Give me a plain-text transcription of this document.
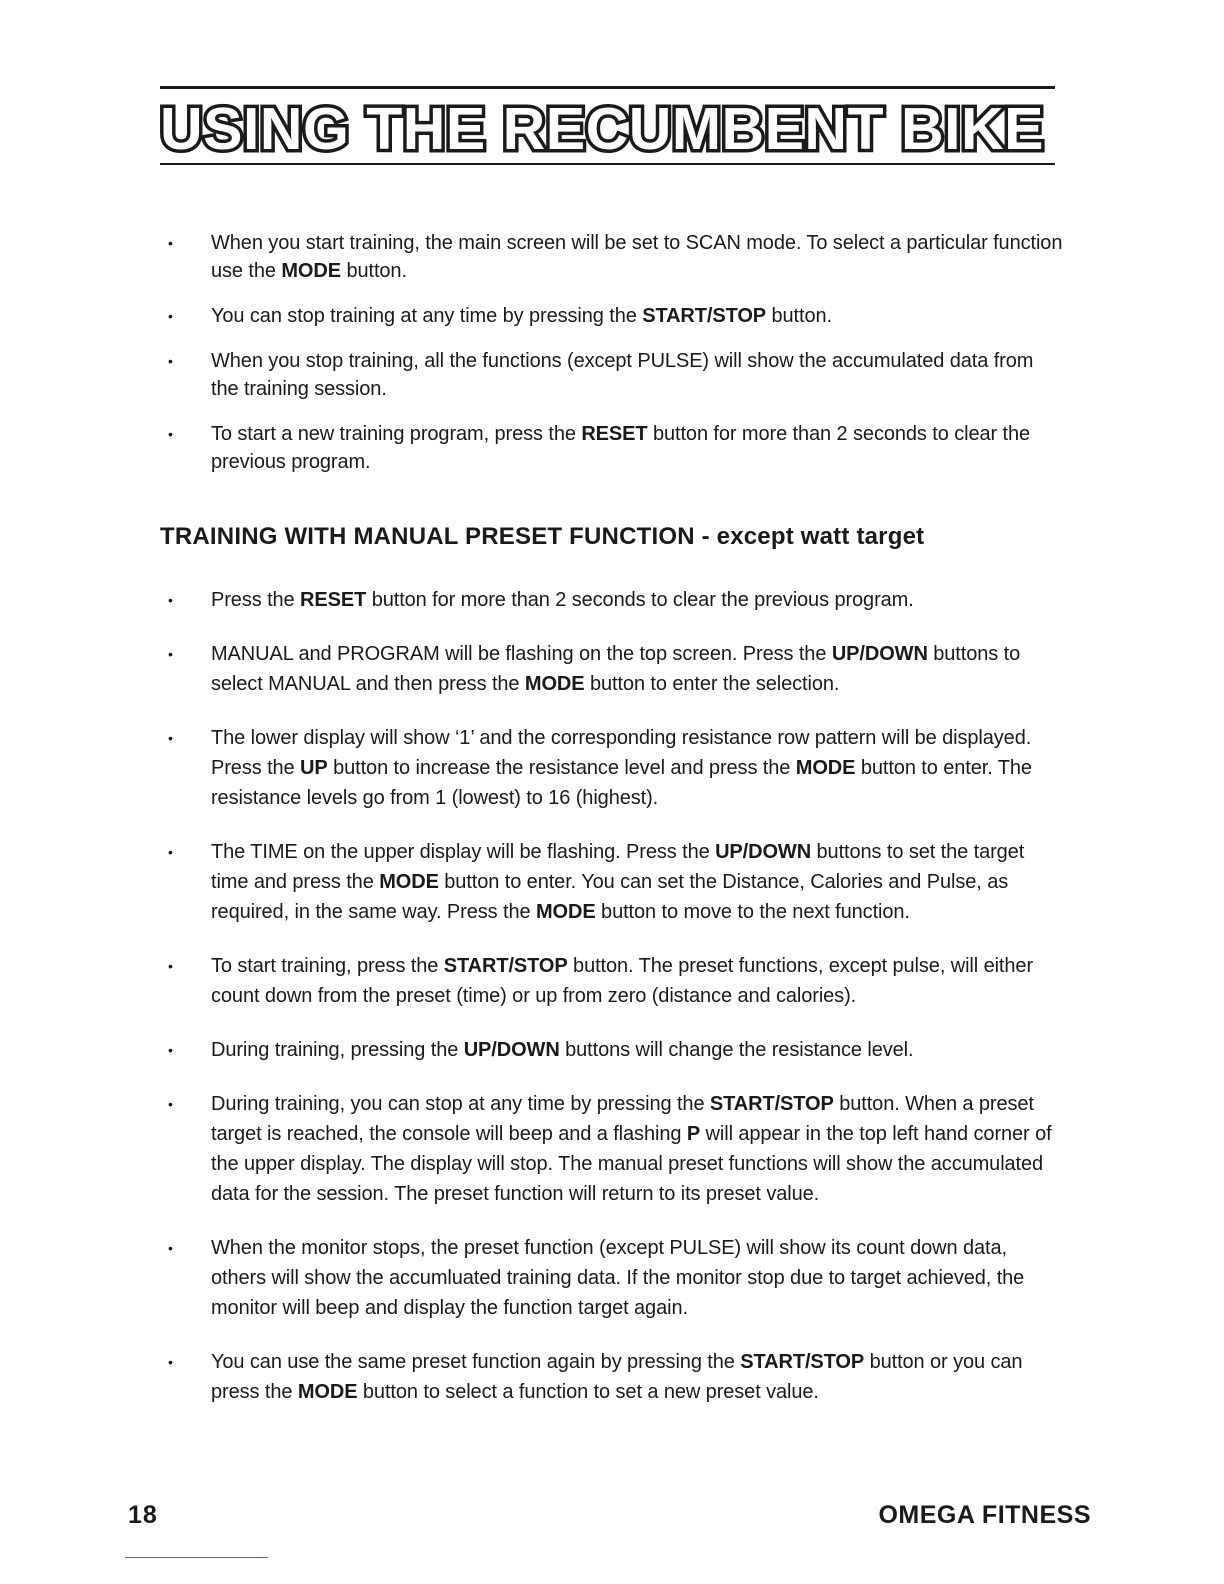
USING THE RECUMBENT BIKE
• When you start training, the main screen will be set to SCAN mode. To select a particular function use the MODE button.
• You can stop training at any time by pressing the START/STOP button.
• When you stop training, all the functions (except PULSE) will show the accumulated data from the training session.
• To start a new training program, press the RESET button for more than 2 seconds to clear the previous program.
TRAINING WITH MANUAL PRESET FUNCTION - except watt target
• Press the RESET button for more than 2 seconds to clear the previous program.
• MANUAL and PROGRAM will be flashing on the top screen. Press the UP/DOWN buttons to select MANUAL and then press the MODE button to enter the selection.
• The lower display will show ‘1’ and the corresponding resistance row pattern will be displayed. Press the UP button to increase the resistance level and press the MODE button to enter. The resistance levels go from 1 (lowest) to 16 (highest).
• The TIME on the upper display will be flashing. Press the UP/DOWN buttons to set the target time and press the MODE button to enter. You can set the Distance, Calories and Pulse, as required, in the same way. Press the MODE button to move to the next function.
• To start training, press the START/STOP button. The preset functions, except pulse, will either count down from the preset (time) or up from zero (distance and calories).
• During training, pressing the UP/DOWN buttons will change the resistance level.
• During training, you can stop at any time by pressing the START/STOP button. When a preset target is reached, the console will beep and a flashing P will appear in the top left hand corner of the upper display. The display will stop. The manual preset functions will show the accumulated data for the session. The preset function will return to its preset value.
• When the monitor stops, the preset function (except PULSE) will show its count down data, others will show the accumluated training data. If the monitor stop due to target achieved, the monitor will beep and display the function target again.
• You can use the same preset function again by pressing the START/STOP button or you can press the MODE button to select a function to set a new preset value.
18	OMEGA FITNESS
